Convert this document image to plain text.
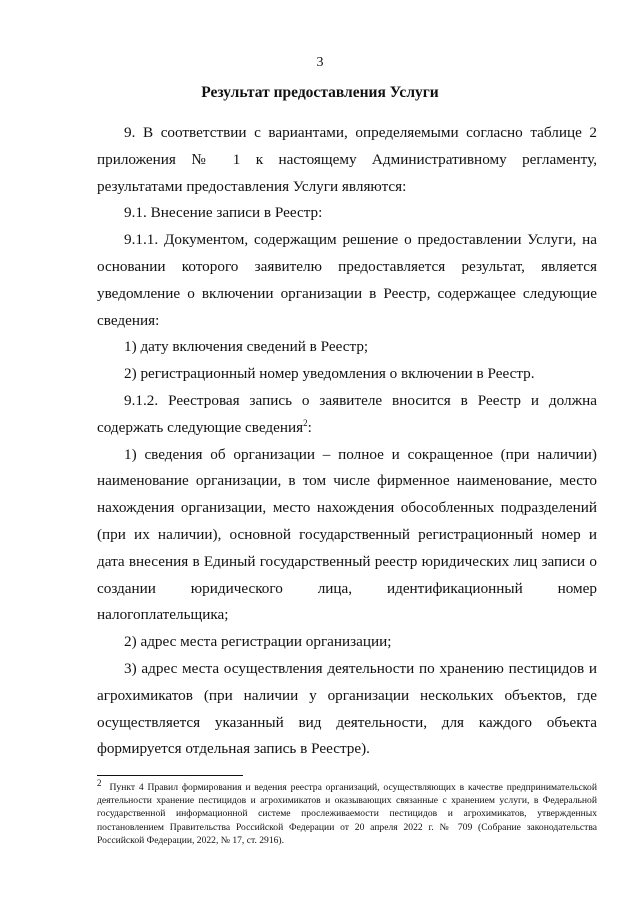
3
Результат предоставления Услуги

9. В соответствии с вариантами, определяемыми согласно таблице 2 приложения № 1 к настоящему Административному регламенту, результатами предоставления Услуги являются:

9.1. Внесение записи в Реестр:

9.1.1. Документом, содержащим решение о предоставлении Услуги, на основании которого заявителю предоставляется результат, является уведомление о включении организации в Реестр, содержащее следующие сведения:

1) дату включения сведений в Реестр;

2) регистрационный номер уведомления о включении в Реестр.

9.1.2. Реестровая запись о заявителе вносится в Реестр и должна содержать следующие сведения$^2$:

1) сведения об организации – полное и сокращенное (при наличии) наименование организации, в том числе фирменное наименование, место нахождения организации, место нахождения обособленных подразделений (при их наличии), основной государственный регистрационный номер и дата внесения в Единый государственный реестр юридических лиц записи о создании юридического лица, идентификационный номер налогоплательщика;

2) адрес места регистрации организации;

3) адрес места осуществления деятельности по хранению пестицидов и агрохимикатов (при наличии у организации нескольких объектов, где осуществляется указанный вид деятельности, для каждого объекта формируется отдельная запись в Реестре).

$^2$ Пункт 4 Правил формирования и ведения реестра организаций, осуществляющих в качестве предпринимательской деятельности хранение пестицидов и агрохимикатов и оказывающих связанные с хранением услуги, в Федеральной государственной информационной системе прослеживаемости пестицидов и агрохимикатов, утвержденных постановлением Правительства Российской Федерации от 20 апреля 2022 г. № 709 (Собрание законодательства Российской Федерации, 2022, № 17, ст. 2916).
